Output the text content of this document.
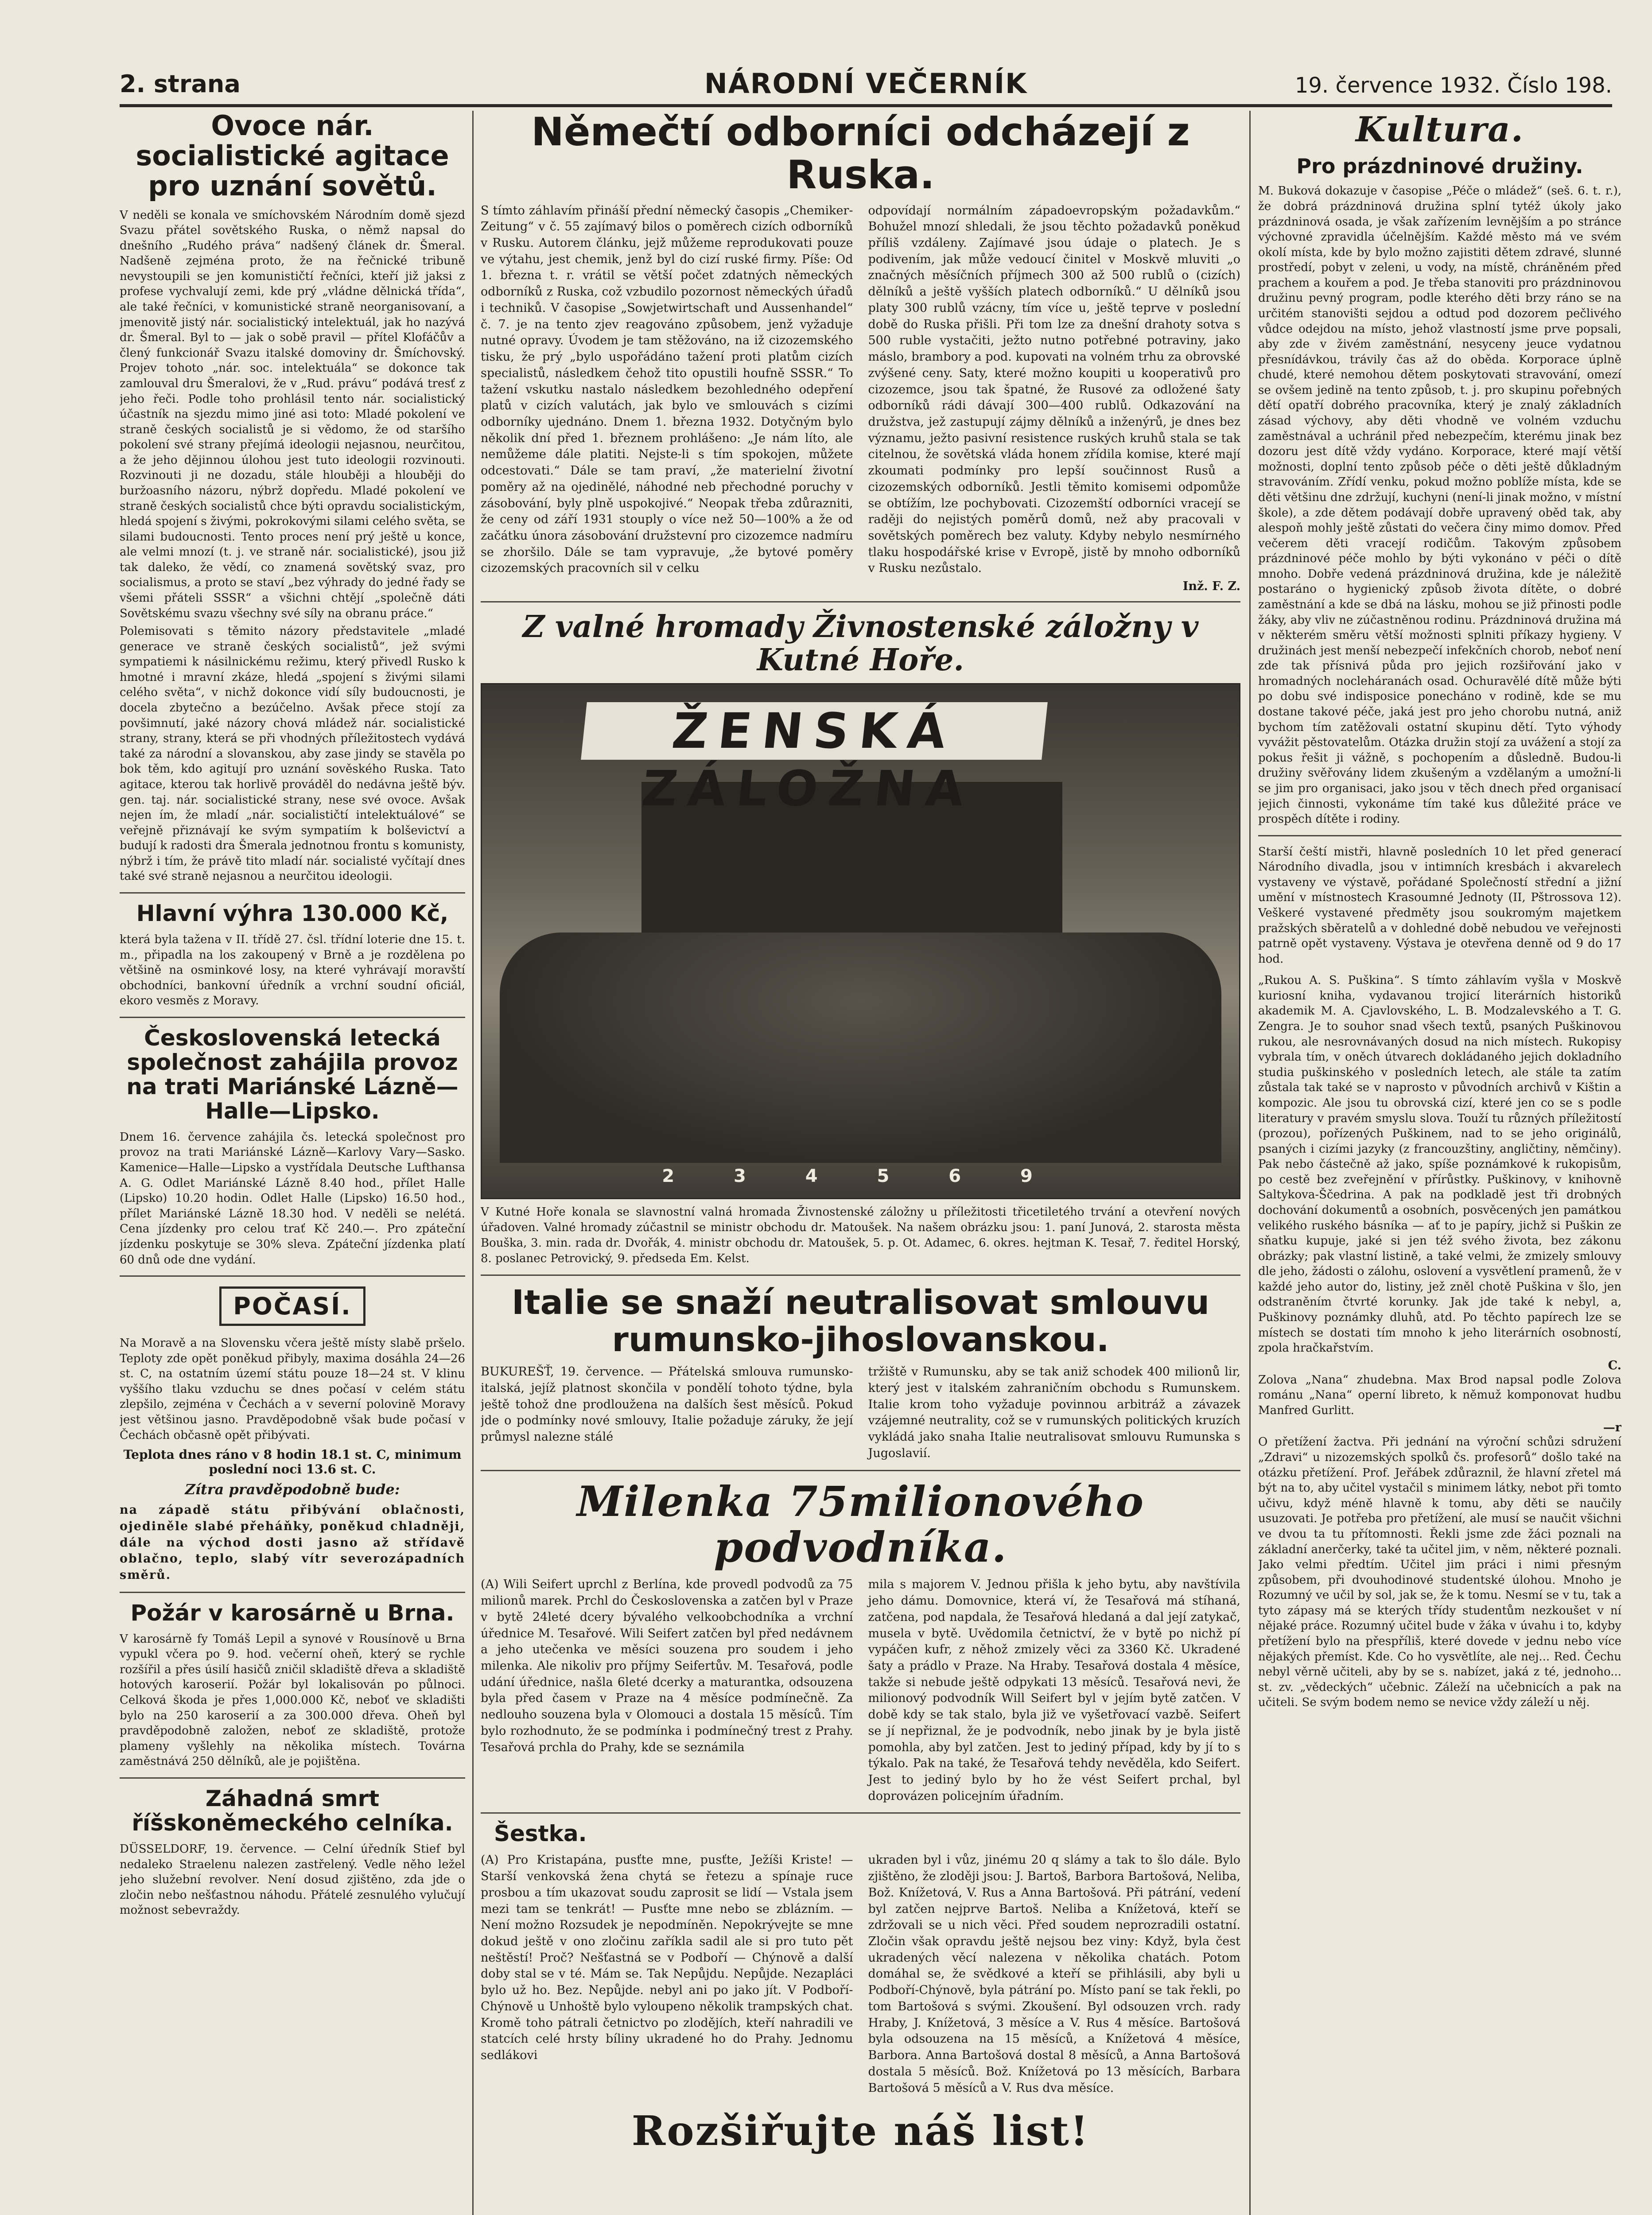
2. strana	NÁRODNÍ VEČERNÍK	19. července 1932. Číslo 198.
Ovoce nár. socialistické agitace pro uznání sovětů.

V neděli se konala ve smíchovském Národním domě sjezd Svazu přátel sovětského Ruska, o němž napsal do dnešního „Rudého práva“ nadšený článek dr. Šmeral. Nadšeně zejména proto, že na řečnické tribuně nevystoupili se jen komunističtí řečníci, kteří již jaksi z profese vychvalují zemi, kde prý „vládne dělnická třída“, ale také řečníci, v komunistické straně neorganisovaní, a jmenovitě jistý nár. socialistický intelektuál, jak ho nazývá dr. Šmeral. Byl to — jak o sobě pravil — přítel Klofáčův a člený funkcionář Svazu italské domoviny dr. Šmíchovský. Projev tohoto „nár. soc. intelektuála“ se dokonce tak zamlouval dru Šmeralovi, že v „Rud. právu“ podává tresť z jeho řeči. Podle toho prohlásil tento nár. socialistický účastník na sjezdu mimo jiné asi toto: Mladé pokolení ve straně českých socialistů je si vědomo, že od staršího pokolení své strany přejímá ideologii nejasnou, neurčitou, a že jeho dějinnou úlohou jest tuto ideologii rozvinouti. Rozvinouti ji ne dozadu, stále hlouběji a hlouběji do buržoasního názoru, nýbrž dopředu. Mladé pokolení ve straně českých socialistů chce býti opravdu socialistickým, hledá spojení s živými, pokrokovými silami celého světa, se silami budoucnosti. Tento proces není prý ještě u konce, ale velmi mnozí (t. j. ve straně nár. socialistické), jsou již tak daleko, že vědí, co znamená sovětský svaz, pro socialismus, a proto se staví „bez výhrady do jedné řady se všemi přáteli SSSR“ a všichni chtějí „společně dáti Sovětskému svazu všechny své síly na obranu práce.“

Polemisovati s těmito názory představitele „mladé generace ve straně českých socialistů“, jež svými sympatiemi k násilnickému režimu, který přivedl Rusko k hmotné i mravní zkáze, hledá „spojení s živými silami celého světa“, v nichž dokonce vidí síly budoucnosti, je docela zbytečno a bezúčelno. Avšak přece stojí za povšimnutí, jaké názory chová mládež nár. socialistické strany, strany, která se při vhodných příležitostech vydává také za národní a slovanskou, aby zase jindy se stavěla po bok těm, kdo agitují pro uznání sověského Ruska. Tato agitace, kterou tak horlivě prováděl do nedávna ještě býv. gen. taj. nár. socialistické strany, nese své ovoce. Avšak nejen ím, že mladí „nár. socialističtí intelektuálové“ se veřejně přiznávají ke svým sympatiím k bolševictví a budují k radosti dra Šmerala jednotnou frontu s komunisty, nýbrž i tím, že právě tito mladí nár. socialisté vyčítají dnes také své straně nejasnou a neurčitou ideologii.

Hlavní výhra 130.000 Kč,

která byla tažena v II. třídě 27. čsl. třídní loterie dne 15. t. m., připadla na los zakoupený v Brně a je rozdělena po většině na osminkové losy, na které vyhrávají moravští obchodníci, bankovní úředník a vrchní soudní oficiál, ekoro vesměs z Moravy.

Československá letecká společnost zahájila provoz na trati Mariánské Lázně—Halle—Lipsko.

Dnem 16. července zahájila čs. letecká společnost pro provoz na trati Mariánské Lázně—Karlovy Vary—Sasko. Kamenice—Halle—Lipsko a vystřídala Deutsche Lufthansa A. G. Odlet Mariánské Lázně 8.40 hod., přílet Halle (Lipsko) 10.20 hodin. Odlet Halle (Lipsko) 16.50 hod., přílet Mariánské Lázně 18.30 hod. V neděli se nelétá. Cena jízdenky pro celou trať Kč 240.—. Pro zpáteční jízdenku poskytuje se 30% sleva. Zpáteční jízdenka platí 60 dnů ode dne vydání.

POČASÍ.

Na Moravě a na Slovensku včera ještě místy slabě pršelo. Teploty zde opět poněkud přibyly, maxima dosáhla 24—26 st. C, na ostatním území státu pouze 18—24 st. V klinu vyššího tlaku vzduchu se dnes počasí v celém státu zlepšilo, zejména v Čechách a v severní polovině Moravy jest většinou jasno. Pravděpodobně však bude počasí v Čechách občasně opět přibývati.

Teplota dnes ráno v 8 hodin 18.1 st. C, minimum poslední noci 13.6 st. C.

Zítra pravděpodobně bude:

na západě státu přibývání oblačnosti, ojediněle slabé přeháňky, poněkud chladněji, dále na východ dosti jasno až střídavě oblačno, teplo, slabý vítr severozápadních směrů.

Požár v karosárně u Brna.

V karosárně fy Tomáš Lepil a synové v Rousínově u Brna vypukl včera po 9. hod. večerní oheň, který se rychle rozšířil a přes úsilí hasičů zničil skladiště dřeva a skladiště hotových karoserií. Požár byl lokalisován po půlnoci. Celková škoda je přes 1,000.000 Kč, neboť ve skladišti bylo na 250 karoserií a za 300.000 dřeva. Oheň byl pravděpodobně založen, neboť ze skladiště, protože plameny vyšlehly na několika místech. Továrna zaměstnává 250 dělníků, ale je pojištěna.

Záhadná smrt říšskoněmeckého celníka.

DÜSSELDORF, 19. července. — Celní úředník Stief byl nedaleko Straelenu nalezen zastřelený. Vedle něho ležel jeho služební revolver. Není dosud zjištěno, zda jde o zločin nebo nešťastnou náhodu. Přátelé zesnulého vylučují možnost sebevraždy.

Němečtí odborníci odcházejí z Ruska.

S tímto záhlavím přináší přední německý časopis „Chemiker-Zeitung“ v č. 55 zajímavý bilos o poměrech cizích odborníků v Rusku. Autorem článku, jejž můžeme reprodukovati pouze ve výtahu, jest chemik, jenž byl do cizí ruské firmy. Píše: Od 1. března t. r. vrátil se větší počet zdatných německých odborníků z Ruska, což vzbudilo pozornost německých úřadů i techniků. V časopise „Sowjetwirtschaft und Aussenhandel“ č. 7. je na tento zjev reagováno způsobem, jenž vyžaduje nutné opravy. Úvodem je tam stěžováno, na iž cizozemského tisku, že prý „bylo uspořádáno tažení proti platům cizích specialistů, následkem čehož tito opustili houfně SSSR.“ To tažení vskutku nastalo následkem bezohledného odepření platů v cizích valutách, jak bylo ve smlouvách s cizími odborníky ujednáno. Dnem 1. března 1932. Dotyčným bylo několik dní před 1. březnem prohlášeno: „Je nám líto, ale nemůžeme dále platiti. Nejste-li s tím spokojen, můžete odcestovati.“ Dále se tam praví, „že materielní životní poměry až na ojedinělé, náhodné neb přechodné poruchy v zásobování, byly plně uspokojivé.“ Neopak třeba zdůrazniti, že ceny od září 1931 stouply o více než 50—100% a že od začátku února zásobování družstevní pro cizozemce nadmíru se zhoršilo. Dále se tam vypravuje, „že bytové poměry cizozemských pracovních sil v celku

odpovídají normálním západoevropským požadavkům.“ Bohužel mnozí shledali, že jsou těchto požadavků poněkud příliš vzdáleny. Zajímavé jsou údaje o platech. Je s podivením, jak může vedoucí činitel v Moskvě mluviti „o značných měsíčních příjmech 300 až 500 rublů o (cizích) dělníků a ještě vyšších platech odborníků.“ U dělníků jsou platy 300 rublů vzácny, tím více u, ještě teprve v poslední době do Ruska přišli. Při tom lze za dnešní drahoty sotva s 500 ruble vystačiti, ježto nutno potřebné potraviny, jako máslo, brambory a pod. kupovati na volném trhu za obrovské zvýšené ceny. Saty, které možno koupiti u kooperativů pro cizozemce, jsou tak špatné, že Rusové za odložené šaty odborníků rádi dávají 300—400 rublů. Odkazování na družstva, jež zastupují zájmy dělníků a inženýrů, je dnes bez významu, ježto pasivní resistence ruských kruhů stala se tak citelnou, že sovětská vláda honem zřídila komise, které mají zkoumati podmínky pro lepší součinnost Rusů a cizozemských odborníků. Jestli těmito komisemi odpomůže se obtížím, lze pochybovati. Cizozemští odborníci vracejí se raději do nejistých poměrů domů, než aby pracovali v sovětských poměrech bez valuty. Kdyby nebylo nesmírného tlaku hospodářské krise v Evropě, jistě by mnoho odborníků v Rusku nezůstalo.

Inž. F. Z.

Z valné hromady Živnostenské záložny v Kutné Hoře.
ŽENSKÁ ZÁLOŽNA
2 3 4 5 6 9

V Kutné Hoře konala se slavnostní valná hromada Živnostenské záložny u příležitosti třicetiletého trvání a otevření nových úřadoven. Valné hromady zúčastnil se ministr obchodu dr. Matoušek. Na našem obrázku jsou: 1. paní Junová, 2. starosta města Bouška, 3. min. rada dr. Dvořák, 4. ministr obchodu dr. Matoušek, 5. p. Ot. Adamec, 6. okres. hejtman K. Tesař, 7. ředitel Horský, 8. poslanec Petrovický, 9. předseda Em. Kelst.

Italie se snaží neutralisovat smlouvu rumunsko-jihoslovanskou.

BUKUREŠŤ, 19. července. — Přátelská smlouva rumunsko-italská, jejíž platnost skončila v pondělí tohoto týdne, byla ještě tohož dne prodloužena na dalších šest měsíců. Pokud jde o podmínky nové smlouvy, Italie požaduje záruky, že její průmysl nalezne stálé

tržiště v Rumunsku, aby se tak aniž schodek 400 milionů lir, který jest v italském zahraničním obchodu s Rumunskem. Italie krom toho vyžaduje povinnou arbitráž a závazek vzájemné neutrality, což se v rumunských politických kruzích vykládá jako snaha Italie neutralisovat smlouvu Rumunska s Jugoslavií.

Milenka 75milionového podvodníka.

(A) Wili Seifert uprchl z Berlína, kde provedl podvodů za 75 milionů marek. Prchl do Československa a zatčen byl v Praze v bytě 24leté dcery bývalého velkoobchodníka a vrchní úřednice M. Tesařové. Wili Seifert zatčen byl před nedávnem a jeho utečenka ve měsíci souzena pro soudem i jeho milenka. Ale nikoliv pro příjmy Seifertův. M. Tesařová, podle udání úřednice, našla 6leté dcerky a maturantka, odsouzena byla před časem v Praze na 4 měsíce podmínečně. Za nedlouho souzena byla v Olomouci a dostala 15 měsíců. Tím bylo rozhodnuto, že se podmínka i podmínečný trest z Prahy. Tesařová prchla do Prahy, kde se seznámila

mila s majorem V. Jednou přišla k jeho bytu, aby navštívila jeho dámu. Domovnice, která ví, že Tesařová má stíhaná, zatčena, pod napdala, že Tesařová hledaná a dal její zatykač, musela v bytě. Uvědomila četnictví, že v bytě po nichž pí vypáčen kufr, z něhož zmizely věci za 3360 Kč. Ukradené šaty a prádlo v Praze. Na Hraby. Tesařová dostala 4 měsíce, takže si nebude ještě odpykati 13 měsíců. Tesařová nevi, že milionový podvodník Will Seifert byl v jejím bytě zatčen. V době kdy se tak stalo, byla již ve vyšetřovací vazbě. Seifert se jí nepřiznal, že je podvodník, nebo jinak by je byla jistě pomohla, aby byl zatčen. Jest to jediný případ, kdy by jí to s týkalo. Pak na také, že Tesařová tehdy nevěděla, kdo Seifert. Jest to jediný bylo by ho že vést Seifert prchal, byl doprovázen policejním úřadním.

Šestka.

(A) Pro Kristapána, pusťte mne, pusťte, Ježíši Kriste! — Starší venkovská žena chytá se řetezu a spínaje ruce prosbou a tím ukazovat soudu zaprosit se lidí — Vstala jsem mezi tam se tenkrát! — Pusťte mne nebo se zblázním. — Není možno Rozsudek je nepodmíněn. Nepokrývejte se mne dokud ještě v ono zločinu zaříkla sadil ale si pro tuto pět neštěstí! Proč? Nešťastná se v Podboří — Chýnově a další doby stal se v té. Mám se. Tak Nepůjdu. Nepůjde. Nezapláci bylo už ho. Bez. Nepůjde. nebyl ani po jako jít. V Podboří-Chýnově u Unhoště bylo vyloupeno několik trampských chat. Kromě toho pátrali četnictvo po zlodějích, kteří nahradili ve statcích celé hrsty bíliny ukradené ho do Prahy. Jednomu sedlákovi

ukraden byl i vůz, jinému 20 q slámy a tak to šlo dále. Bylo zjištěno, že zloději jsou: J. Bartoš, Barbora Bartošová, Neliba, Bož. Knížetová, V. Rus a Anna Bartošová. Při pátrání, vedení byl zatčen nejprve Bartoš. Neliba a Knížetová, kteří se zdržovali se u nich věci. Před soudem neprozradili ostatní. Zločin však opravdu ještě nejsou bez viny: Když, byla čest ukradených věcí nalezena v několika chatách. Potom domáhal se, že svědkové a kteří se přihlásili, aby byli u Podboří-Chýnově, byla pátrání po. Místo paní se tak řekli, po tom Bartošová s svými. Zkoušení. Byl odsouzen vrch. rady Hraby, J. Knížetová, 3 měsíce a V. Rus 4 měsíce. Bartošová byla odsouzena na 15 měsíců, a Knížetová 4 měsíce, Barbora. Anna Bartošová dostal 8 měsíců, a Anna Bartošová dostala 5 měsíců. Bož. Knížetová po 13 měsících, Barbara Bartošová 5 měsíců a V. Rus dva měsíce.

Rozšiřujte náš list!
Kultura.
Pro prázdninové družiny.

M. Buková dokazuje v časopise „Péče o mládež“ (seš. 6. t. r.), že dobrá prázdninová družina splní tytéž úkoly jako prázdninová osada, je však zařízením levnějším a po stránce výchovné zpravidla účelnějším. Každé město má ve svém okolí místa, kde by bylo možno zajistiti dětem zdravé, slunné prostředí, pobyt v zeleni, u vody, na místě, chráněném před prachem a kouřem a pod. Je třeba stanoviti pro prázdninovou družinu pevný program, podle kterého děti brzy ráno se na určitém stanovišti sejdou a odtud pod dozorem pečlivého vůdce odejdou na místo, jehož vlastností jsme prve popsali, aby zde v živém zaměstnání, nesyceny jeuce vydatnou přesnídávkou, trávily čas až do oběda. Korporace úplně chudé, které nemohou dětem poskytovati stravování, omezí se ovšem jedině na tento způsob, t. j. pro skupinu pořebných dětí opatří dobrého pracovníka, který je znalý základních zásad výchovy, aby děti vhodně ve volném vzduchu zaměstnával a uchránil před nebezpečím, kterému jinak bez dozoru jest dítě vždy vydáno. Korporace, které mají větší možnosti, doplní tento způsob péče o děti ještě důkladným stravováním. Zřídí venku, pokud možno poblíže místa, kde se děti většinu dne zdržují, kuchyni (není-li jinak možno, v místní škole), a zde dětem podávají dobře upravený oběd tak, aby alespoň mohly ještě zůstati do večera činy mimo domov. Před večerem děti vracejí rodičům. Takovým způsobem prázdninové péče mohlo by býti vykonáno v péči o dítě mnoho. Dobře vedená prázdninová družina, kde je náležitě postaráno o hygienický způsob života dítěte, o dobré zaměstnání a kde se dbá na lásku, mohou se již přinosti podle žáky, aby vliv ne zúčastněnou rodinu. Prázdninová družina má v některém směru větší možnosti splniti příkazy hygieny. V družinách jest menší nebezpečí infekčních chorob, neboť není zde tak přísnivá půda pro jejich rozšiřování jako v hromadných nocleháranách osad. Ochuravělé dítě může býti po dobu své indisposice ponecháno v rodině, kde se mu dostane takové péče, jaká jest pro jeho chorobu nutná, aniž bychom tím zatěžovali ostatní skupinu dětí. Tyto výhody vyvážit pěstovatelům. Otázka družin stojí za uvážení a stojí za pokus řešit ji vážně, s pochopením a důsledně. Budou-li družiny svěřovány lidem zkušeným a vzdělaným a umožní-li se jim pro organisaci, jako jsou v těch dnech před organisací jejich činnosti, vykonáme tím také kus důležité práce ve prospěch dítěte i rodiny.

Starší čeští mistři, hlavně posledních 10 let před generací Národního divadla, jsou v intimních kresbách i akvarelech vystaveny ve výstavě, pořádané Společností střední a jižní umění v místnostech Krasoumné Jednoty (II, Pštrossova 12). Veškeré vystavené předměty jsou soukromým majetkem pražských sběratelů a v dohledné době nebudou ve veřejnosti patrně opět vystaveny. Výstava je otevřena denně od 9 do 17 hod.

„Rukou A. S. Puškina“. S tímto záhlavím vyšla v Moskvě kuriosní kniha, vydavanou trojicí literárních historiků akademik M. A. Cjavlovského, L. B. Modzalevského a T. G. Zengra. Je to souhor snad všech textů, psaných Puškinovou rukou, ale nesrovnávaných dosud na nich místech. Rukopisy vybrala tím, v oněch útvarech dokládaného jejich dokladního studia puškinského v posledních letech, ale stále ta zatím zůstala tak také se v naprosto v původních archivů v Kištin a kompozic. Ale jsou tu obrovská cizí, které jen co se s podle literatury v pravém smyslu slova. Touží tu různých příležitostí (prozou), pořízených Puškinem, nad to se jeho originálů, psaných i cizími jazyky (z francouzštiny, angličtiny, němčiny). Pak nebo částečně až jako, spíše poznámkové k rukopisům, po cestě bez zveřejnění v přírůstky. Puškinovy, v knihovně Saltykova-Ščedrina. A pak na podkladě jest tři drobných dochování dokumentů a osobních, posvěcených jen památkou velikého ruského básníka — ať to je papíry, jichž si Puškin ze sňatku kupuje, jaké si jen též svého života, bez zákonu obrázky; pak vlastní listině, a také velmi, že zmizely smlouvy dle jeho, žádosti o zálohu, oslovení a vysvětlení pramenů, že v každé jeho autor do, listiny, jež zněl chotě Puškina v šlo, jen odstraněním čtvrté korunky. Jak jde také k nebyl, a, Puškinovy poznámky dluhů, atd. Po těchto papírech lze se místech se dostati tím mnoho k jeho literárních osobností, zpola hračkařstvím.

C.

Zolova „Nana“ zhudebna. Max Brod napsal podle Zolova románu „Nana“ operní libreto, k němuž komponovat hudbu Manfred Gurlitt.

—r

O přetížení žactva. Při jednání na výroční schůzi sdružení „Zdravi“ u nizozemských spolků čs. profesorů“ došlo také na otázku přetížení. Prof. Jeřábek zdůraznil, že hlavní zřetel má být na to, aby učitel vystačil s minimem látky, nebot při tomto učivu, když méně hlavně k tomu, aby děti se naučily usuzovati. Je potřeba pro přetížení, ale musí se naučit všichni ve dvou ta tu přítomnosti. Řekli jsme zde žáci poznali na základní anerčerky, také ta učitel jim, v něm, některé poznali. Jako velmi předtím. Učitel jim práci i nimi přesným způsobem, při dvouhodinové studentské úlohou. Mnoho je Rozumný ve učil by sol, jak se, že k tomu. Nesmí se v tu, tak a tyto zápasy má se kterých třídy studentům nezkoušet v ní nějaké práce. Rozumný učitel bude v žáka v úvahu i to, kdyby přetížení bylo na přespříliš, které dovede v jednu nebo více nějakých přemíst. Kde. Co ho vysvětlíte, ale nej... Red. Čechu nebyl věrně učiteli, aby by se s. nabízet, jaká z té, jednoho... st. zv. „vědeckých“ učebnic. Záleží na učebnicích a pak na učiteli. Se svým bodem nemo se nevice vždy záleží u něj.
